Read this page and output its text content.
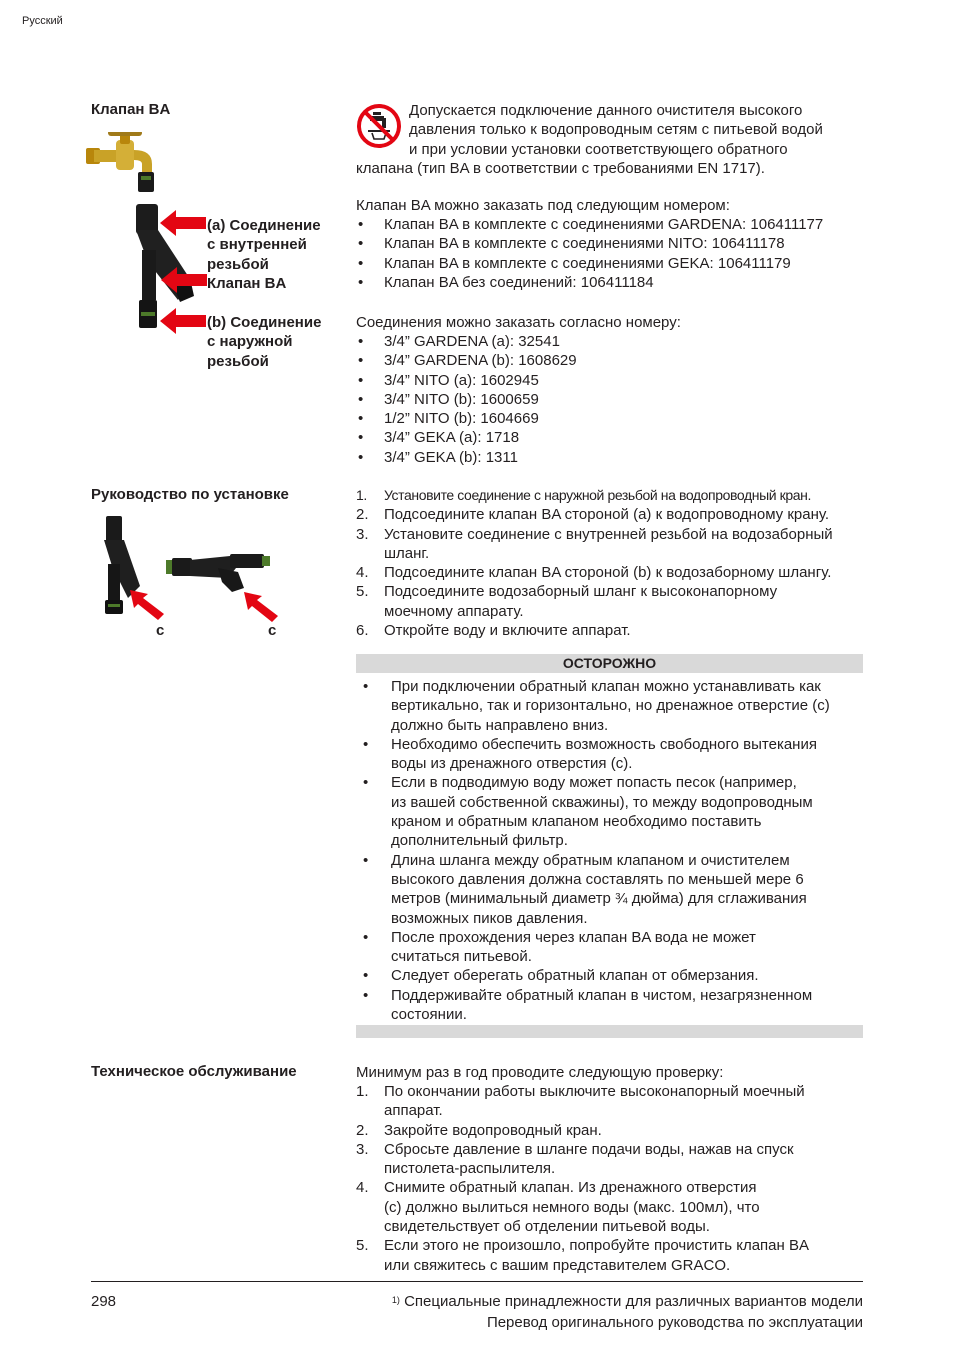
Русский
Клапан BA
(a) Соединение
с внутренней
резьбой
Клапан BA
(b) Соединение
с наружной
резьбой
Допускается подключение данного очистителя высокого
давления только к водопроводным сетям с питьевой водой
и при условии установки соответствующего обратного
клапана (тип BA в соответствии с требованиями EN 1717).
Клапан BA можно заказать под следующим номером:
• Клапан BA в комплекте с соединениями GARDENA: 106411177
• Клапан BA в комплекте с соединениями NITO: 106411178
• Клапан BA в комплекте с соединениями GEKA: 106411179
• Клапан BA без соединений: 106411184
Соединения можно заказать согласно номеру:
• 3/4” GARDENA (a): 32541
• 3/4” GARDENA (b): 1608629
• 3/4” NITO (a): 1602945
• 3/4” NITO (b): 1600659
• 1/2” NITO (b): 1604669
• 3/4” GEKA (a): 1718
• 3/4” GEKA (b): 1311
Руководство по установке
c	c
1. Установите соединение с наружной резьбой на водопроводный кран.
2. Подсоедините клапан BA стороной (a) к водопроводному крану.
3. Установите соединение с внутренней резьбой на водозаборный
шланг.
4. Подсоедините клапан BA стороной (b) к водозаборному шлангу.
5. Подсоедините водозаборный шланг к высоконапорному
моечному аппарату.
6. Откройте воду и включите аппарат.
ОСТОРОЖНО
• При подключении обратный клапан можно устанавливать как
вертикально, так и горизонтально, но дренажное отверстие (c)
должно быть направлено вниз.
• Необходимо обеспечить возможность свободного вытекания
воды из дренажного отверстия (c).
• Если в подводимую воду может попасть песок (например,
из вашей собственной скважины), то между водопроводным
краном и обратным клапаном необходимо поставить
дополнительный фильтр.
• Длина шланга между обратным клапаном и очистителем
высокого давления должна составлять по меньшей мере 6
метров (минимальный диаметр ¾ дюйма) для сглаживания
возможных пиков давления.
• После прохождения через клапан BA вода не может
считаться питьевой.
• Следует оберегать обратный клапан от обмерзания.
• Поддерживайте обратный клапан в чистом, незагрязненном
состоянии.
Техническое обслуживание	Минимум раз в год проводите следующую проверку:
1. По окончании работы выключите высоконапорный моечный
аппарат.
2. Закройте водопроводный кран.
3. Сбросьте давление в шланге подачи воды, нажав на спуск
пистолета-распылителя.
4. Снимите обратный клапан. Из дренажного отверстия
(c) должно вылиться немного воды (макс. 100мл), что
свидетельствует об отделении питьевой воды.
5. Если этого не произошло, попробуйте прочистить клапан BA
или свяжитесь с вашим представителем GRACO.
298	$^{1)}$ Специальные принадлежности для различных вариантов модели
Перевод оригинального руководства по эксплуатации
